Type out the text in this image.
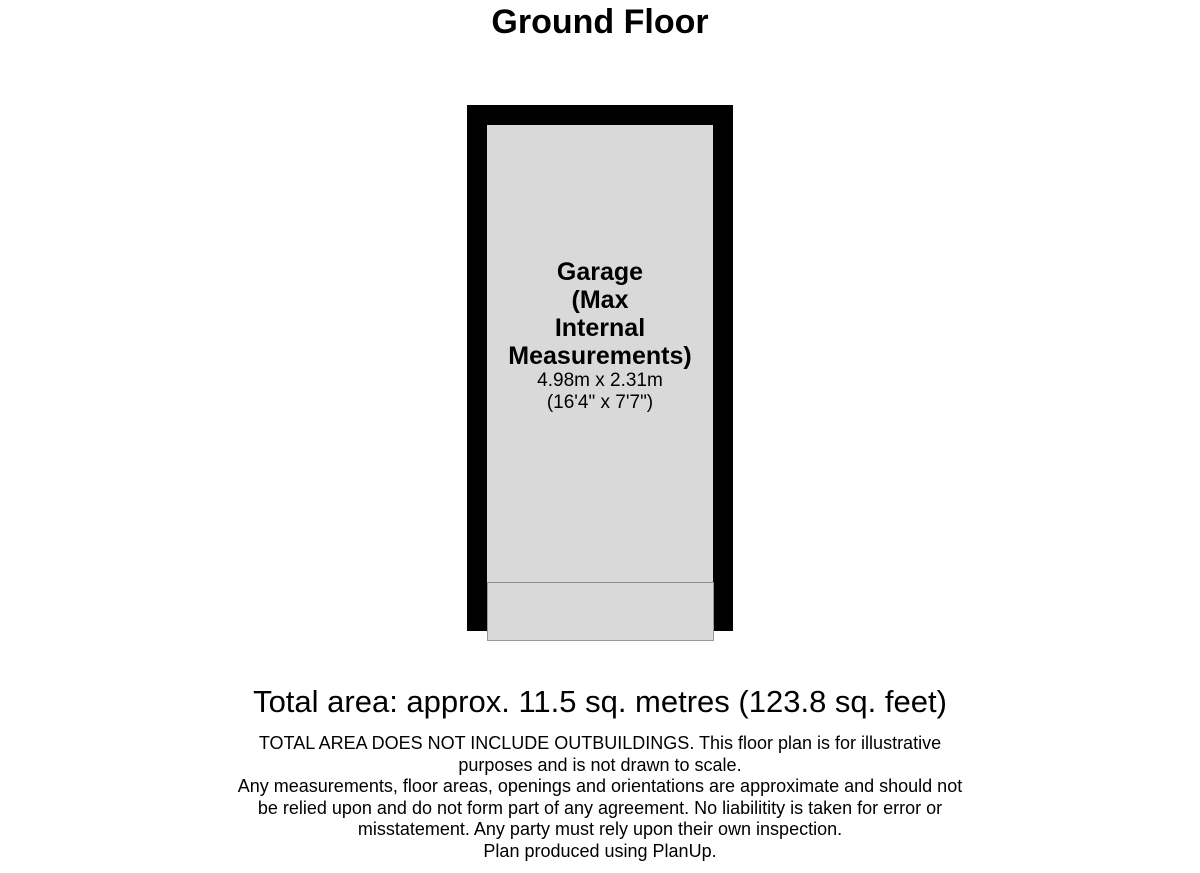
Ground Floor
Garage
(Max
Internal
Measurements)
4.98m x 2.31m
(16'4" x 7'7")
Total area: approx. 11.5 sq. metres (123.8 sq. feet)
TOTAL AREA DOES NOT INCLUDE OUTBUILDINGS. This floor plan is for illustrative
purposes and is not drawn to scale.
Any measurements, floor areas, openings and orientations are approximate and should not
be relied upon and do not form part of any agreement. No liabilitity is taken for error or
misstatement. Any party must rely upon their own inspection.
Plan produced using PlanUp.
